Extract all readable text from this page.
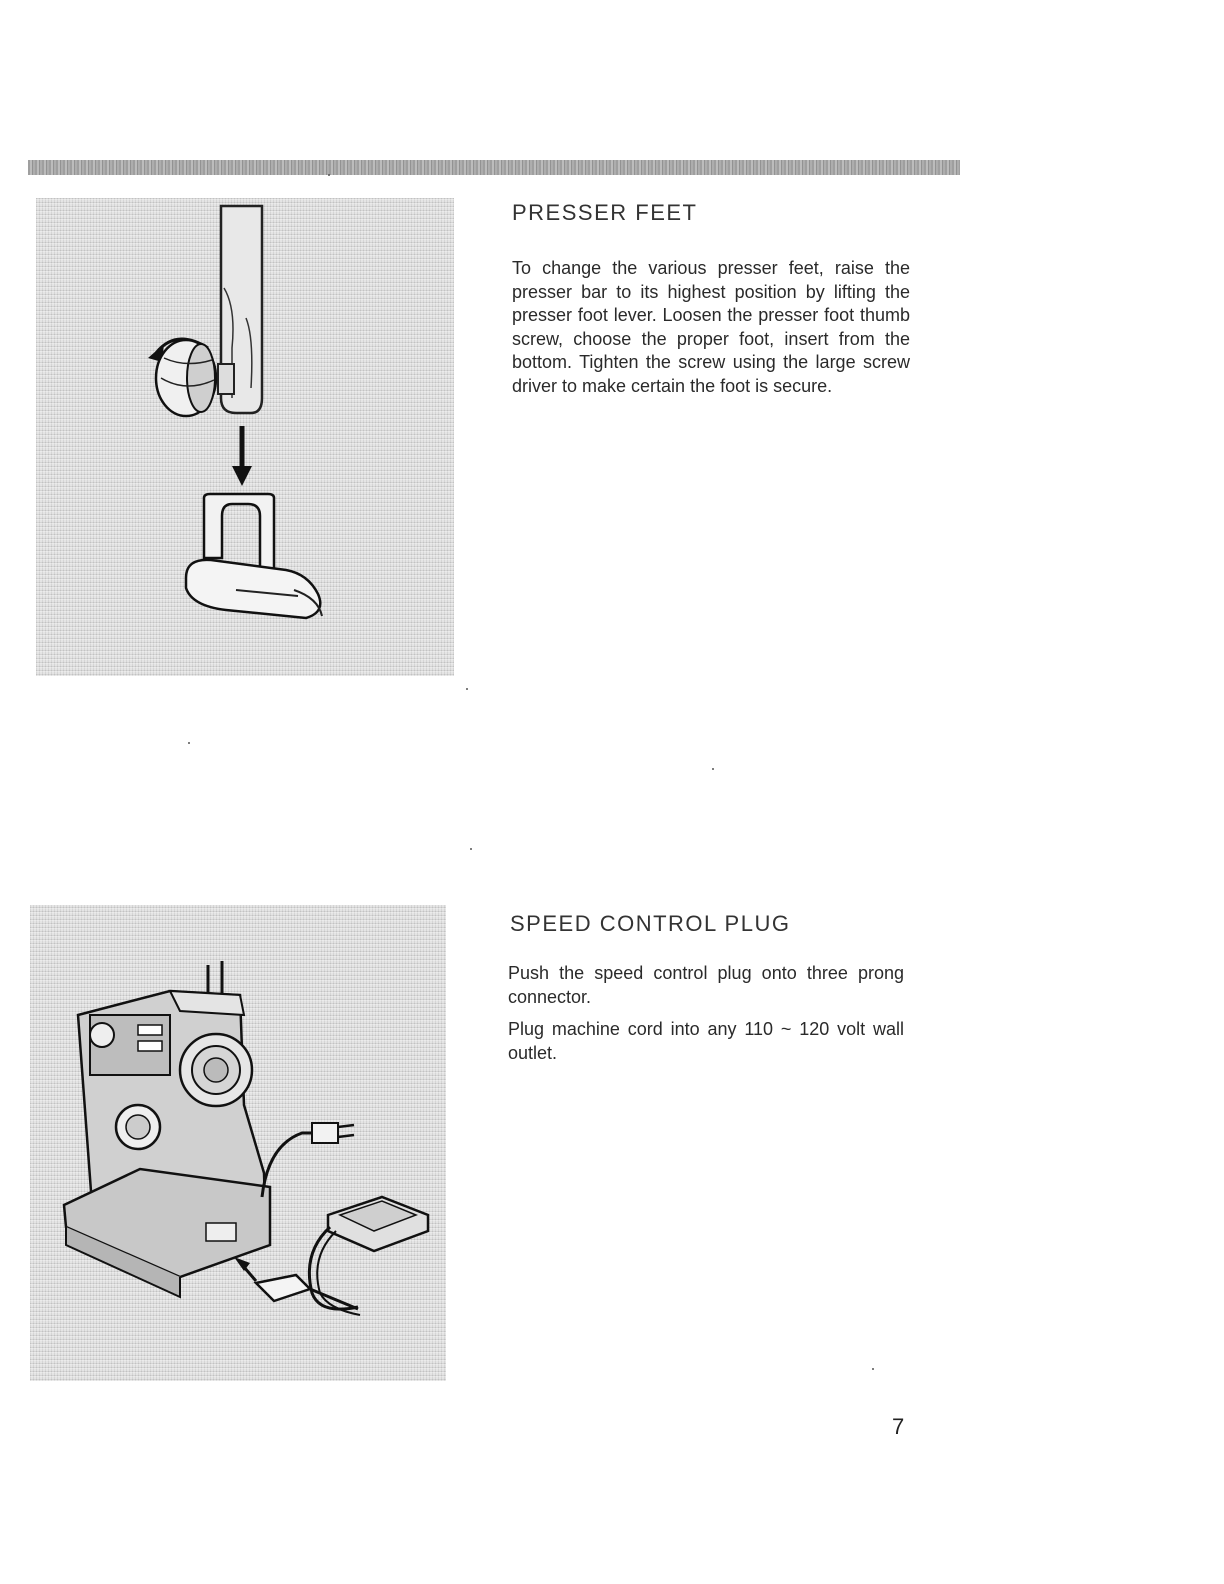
PRESSER FEET

To change the various presser feet, raise the presser bar to its highest position by lifting the presser foot lever. Loosen the presser foot thumb screw, choose the proper foot, insert from the bottom. Tighten the screw using the large screw driver to make certain the foot is secure.

SPEED CONTROL PLUG

Push the speed control plug onto three prong connector.

Plug machine cord into any 110 ~ 120 volt wall outlet.

7
